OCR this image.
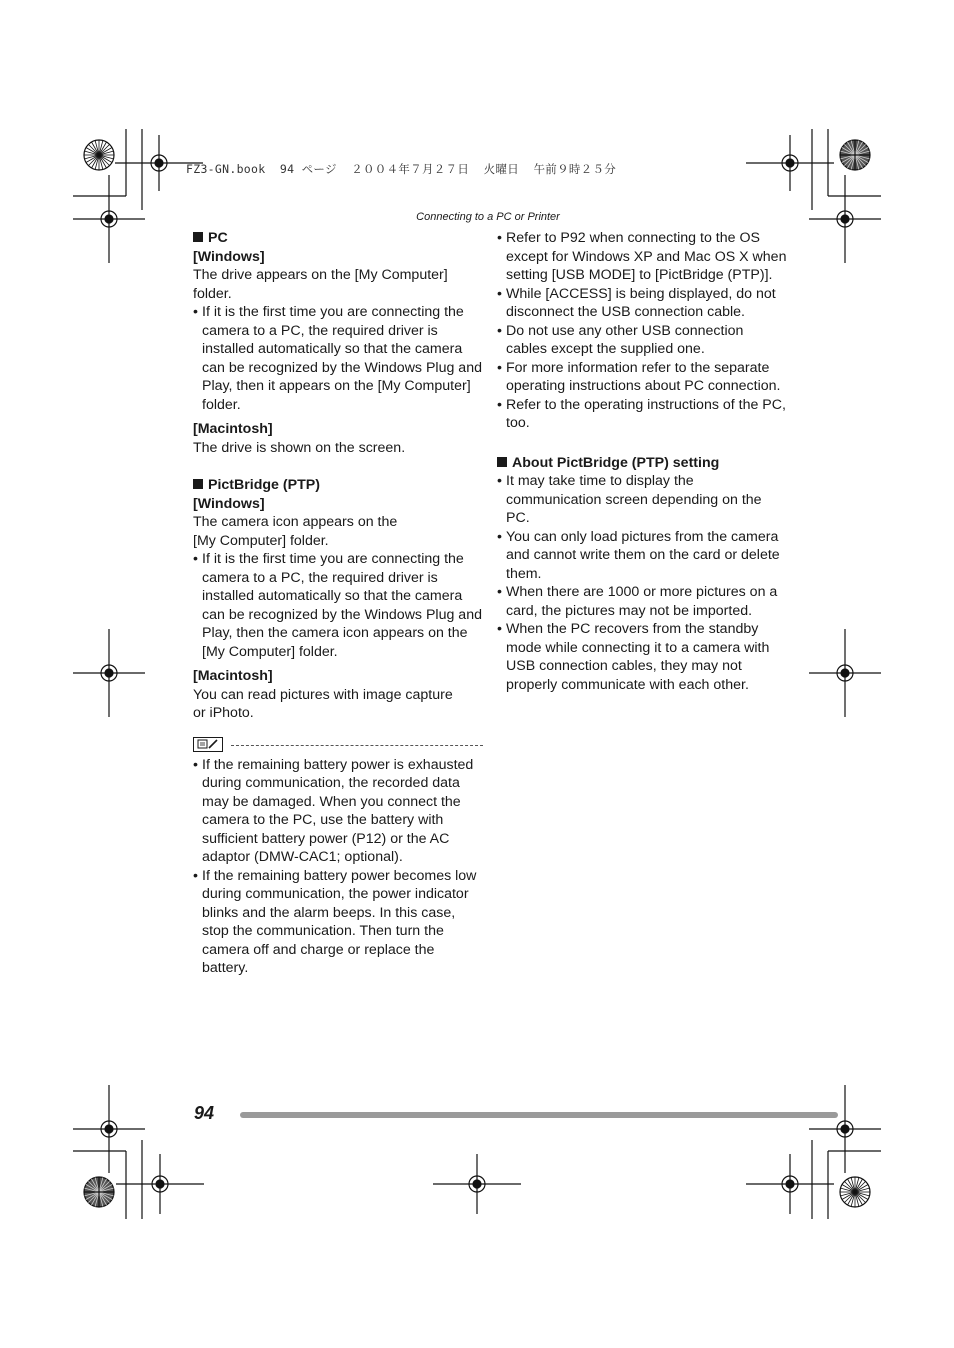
FZ3-GN.book  94 ページ  ２００４年７月２７日  火曜日  午前９時２５分
Connecting to a PC or Printer
PC
[Windows]

The drive appears on the [My Computer] folder.

• If it is the first time you are connecting the camera to a PC, the required driver is installed automatically so that the camera can be recognized by the Windows Plug and Play, then it appears on the [My Computer] folder.
[Macintosh]

The drive is shown on the screen.

PictBridge (PTP)
[Windows]

The camera icon appears on the [My Computer] folder.

• If it is the first time you are connecting the camera to a PC, the required driver is installed automatically so that the camera can be recognized by the Windows Plug and Play, then the camera icon appears on the [My Computer] folder.
[Macintosh]

You can read pictures with image capture or iPhoto.

• If the remaining battery power is exhausted during communication, the recorded data may be damaged. When you connect the camera to the PC, use the battery with sufficient battery power (P12) or the AC adaptor (DMW-CAC1; optional).
• If the remaining battery power becomes low during communication, the power indicator blinks and the alarm beeps. In this case, stop the communication. Then turn the camera off and charge or replace the battery.
• Refer to P92 when connecting to the OS except for Windows XP and Mac OS X when setting [USB MODE] to [PictBridge (PTP)].
• While [ACCESS] is being displayed, do not disconnect the USB connection cable.
• Do not use any other USB connection cables except the supplied one.
• For more information refer to the separate operating instructions about PC connection.
• Refer to the operating instructions of the PC, too.
About PictBridge (PTP) setting
• It may take time to display the communication screen depending on the PC.
• You can only load pictures from the camera and cannot write them on the card or delete them.
• When there are 1000 or more pictures on a card, the pictures may not be imported.
• When the PC recovers from the standby mode while connecting it to a camera with USB connection cables, they may not properly communicate with each other.
94
